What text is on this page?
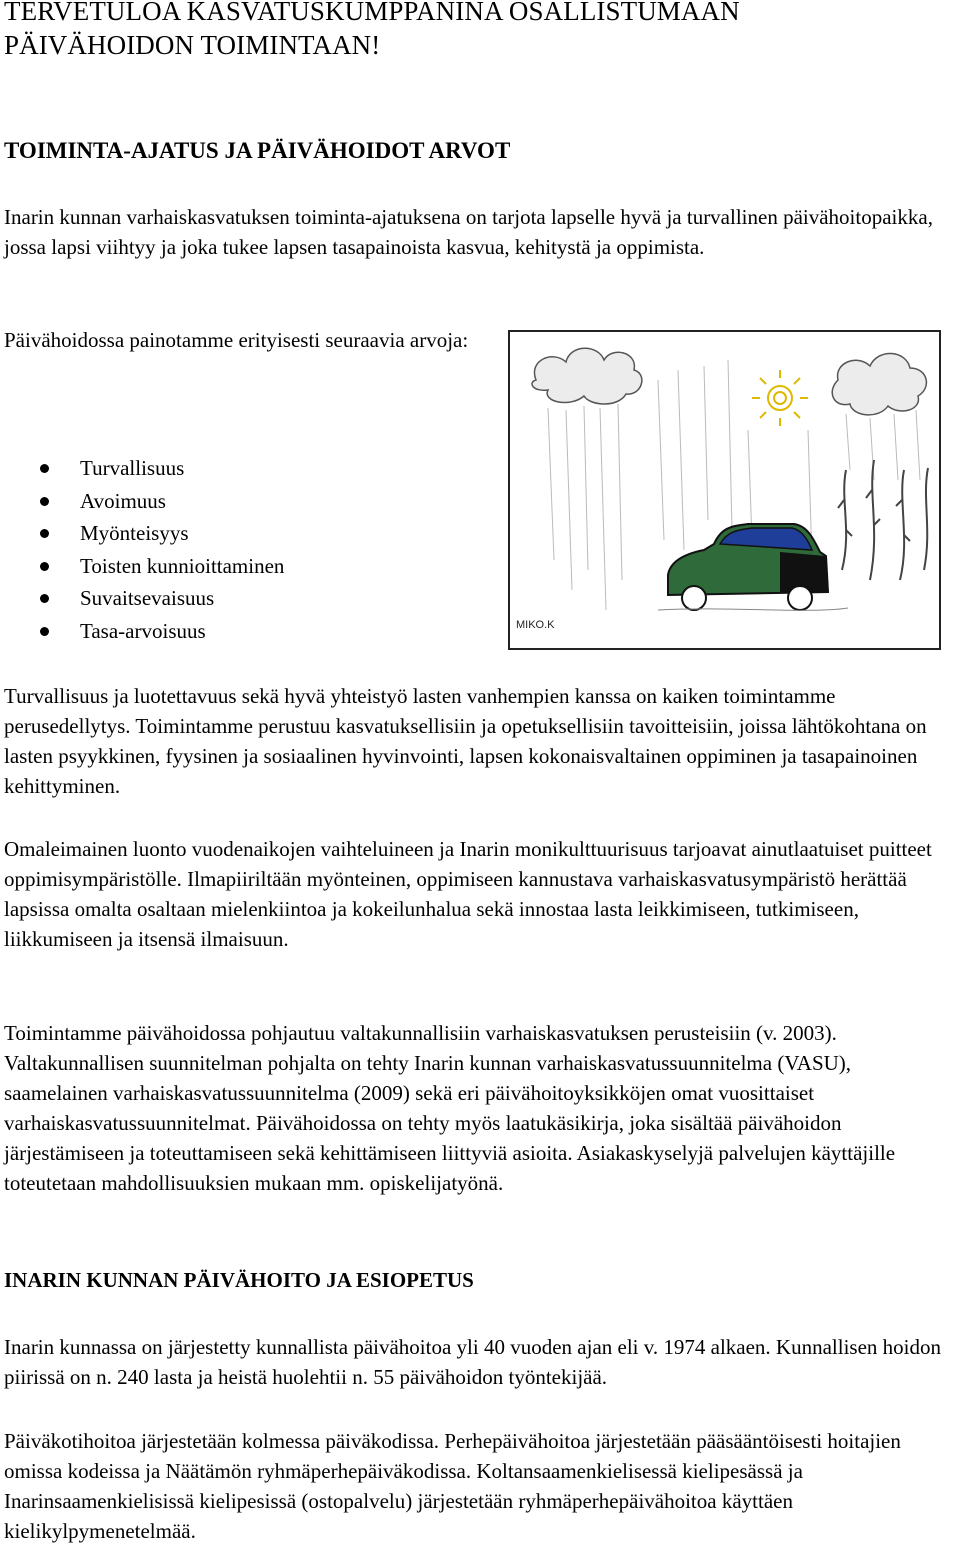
TERVETULOA KASVATUSKUMPPANINA OSALLISTUMAAN
PÄIVÄHOIDON TOIMINTAAN!
TOIMINTA-AJATUS JA PÄIVÄHOIDOT ARVOT
Inarin kunnan varhaiskasvatuksen toiminta-ajatuksena on tarjota lapselle hyvä ja turvallinen päivähoitopaikka, jossa lapsi viihtyy ja joka tukee lapsen tasapainoista kasvua, kehitystä ja oppimista.
Päivähoidossa painotamme erityisesti seuraavia arvoja:
Turvallisuus
Avoimuus
Myönteisyys
Toisten kunnioittaminen
Suvaitsevaisuus
Tasa-arvoisuus	MIKO.K
Turvallisuus ja luotettavuus sekä hyvä yhteistyö lasten vanhempien kanssa on kaiken toimintamme perusedellytys. Toimintamme perustuu kasvatuksellisiin ja opetuksellisiin tavoitteisiin, joissa lähtökohtana on lasten psyykkinen, fyysinen ja sosiaalinen hyvinvointi, lapsen kokonaisvaltainen oppiminen ja tasapainoinen kehittyminen.
Omaleimainen luonto vuodenaikojen vaihteluineen ja Inarin monikulttuurisuus tarjoavat ainutlaatuiset puitteet oppimisympäristölle. Ilmapiiriltään myönteinen, oppimiseen kannustava varhaiskasvatusympäristö herättää lapsissa omalta osaltaan mielenkiintoa ja kokeilunhalua sekä innostaa lasta leikkimiseen, tutkimiseen, liikkumiseen ja itsensä ilmaisuun.
Toimintamme päivähoidossa pohjautuu valtakunnallisiin varhaiskasvatuksen perusteisiin (v. 2003). Valtakunnallisen suunnitelman pohjalta on tehty Inarin kunnan varhaiskasvatussuunnitelma (VASU), saamelainen varhaiskasvatussuunnitelma (2009) sekä eri päivähoitoyksikköjen omat vuosittaiset varhaiskasvatussuunnitelmat. Päivähoidossa on tehty myös laatukäsikirja, joka sisältää päivähoidon järjestämiseen ja toteuttamiseen sekä kehittämiseen liittyviä asioita. Asiakaskyselyjä palvelujen käyttäjille toteutetaan mahdollisuuksien mukaan mm. opiskelijatyönä.
INARIN KUNNAN PÄIVÄHOITO JA ESIOPETUS
Inarin kunnassa on järjestetty kunnallista päivähoitoa yli 40 vuoden ajan eli v. 1974 alkaen. Kunnallisen hoidon piirissä on n. 240 lasta ja heistä huolehtii n. 55 päivähoidon työntekijää.
Päiväkotihoitoa järjestetään kolmessa päiväkodissa. Perhepäivähoitoa järjestetään pääsääntöisesti hoitajien omissa kodeissa ja Näätämön ryhmäperhepäiväkodissa. Koltansaamenkielisessä kielipesässä ja Inarinsaamenkielisissä kielipesissä (ostopalvelu) järjestetään ryhmäperhepäivähoitoa käyttäen kielikylpymenetelmää.
